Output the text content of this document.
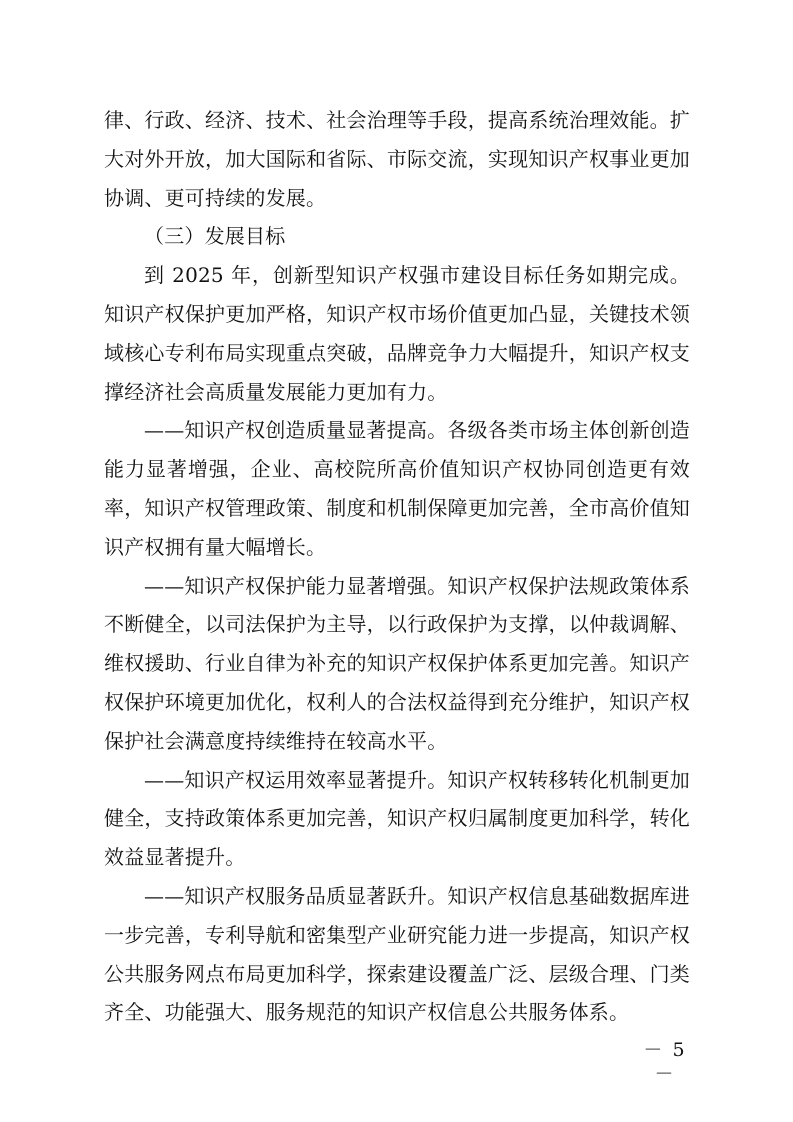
律、行政、经济、技术、社会治理等手段，提高系统治理效能。扩大对外开放，加大国际和省际、市际交流，实现知识产权事业更加协调、更可持续的发展。

（三）发展目标

到 2025 年，创新型知识产权强市建设目标任务如期完成。知识产权保护更加严格，知识产权市场价值更加凸显，关键技术领域核心专利布局实现重点突破，品牌竞争力大幅提升，知识产权支撑经济社会高质量发展能力更加有力。

——知识产权创造质量显著提高。各级各类市场主体创新创造能力显著增强，企业、高校院所高价值知识产权协同创造更有效率，知识产权管理政策、制度和机制保障更加完善，全市高价值知识产权拥有量大幅增长。

——知识产权保护能力显著增强。知识产权保护法规政策体系不断健全，以司法保护为主导，以行政保护为支撑，以仲裁调解、维权援助、行业自律为补充的知识产权保护体系更加完善。知识产权保护环境更加优化，权利人的合法权益得到充分维护，知识产权保护社会满意度持续维持在较高水平。

——知识产权运用效率显著提升。知识产权转移转化机制更加健全，支持政策体系更加完善，知识产权归属制度更加科学，转化效益显著提升。

——知识产权服务品质显著跃升。知识产权信息基础数据库进一步完善，专利导航和密集型产业研究能力进一步提高，知识产权公共服务网点布局更加科学，探索建设覆盖广泛、层级合理、门类齐全、功能强大、服务规范的知识产权信息公共服务体系。

－ 5 －
